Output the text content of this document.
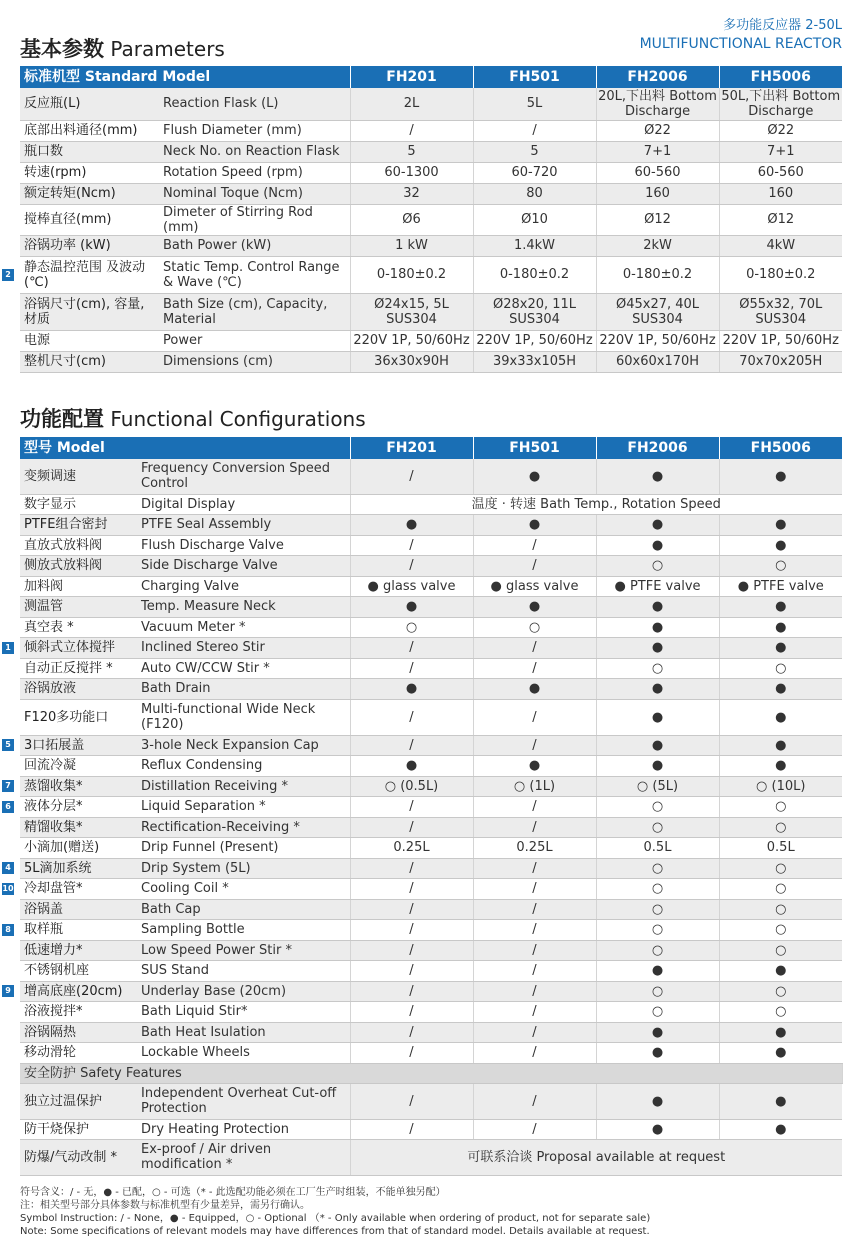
多功能反应器 2-50L
MULTIFUNCTIONAL REACTOR
基本参数 Parameters
标准机型 Standard Model		FH201	FH501	FH2006	FH5006
反应瓶(L)	Reaction Flask (L)	2L	5L	20L,下出料 Bottom Discharge	50L,下出料 Bottom Discharge
底部出料通径(mm)	Flush Diameter (mm)	/	/	Ø22	Ø22
瓶口数	Neck No. on Reaction Flask	5	5	7+1	7+1
转速(rpm)	Rotation Speed (rpm)	60-1300	60-720	60-560	60-560
额定转矩(Ncm)	Nominal Toque (Ncm)	32	80	160	160
搅棒直径(mm)	Dimeter of Stirring Rod (mm)	Ø6	Ø10	Ø12	Ø12
浴锅功率 (kW)	Bath Power (kW)	1 kW	1.4kW	2kW	4kW
静态温控范围 及波动(℃)	Static Temp. Control Range & Wave (℃)	0-180±0.2	0-180±0.2	0-180±0.2	0-180±0.2
浴锅尺寸(cm), 容量, 材质	Bath Size (cm), Capacity, Material	Ø24x15, 5L SUS304	Ø28x20, 11L SUS304	Ø45x27, 40L SUS304	Ø55x32, 70L SUS304
电源	Power	220V 1P, 50/60Hz	220V 1P, 50/60Hz	220V 1P, 50/60Hz	220V 1P, 50/60Hz
整机尺寸(cm)	Dimensions (cm)	36x30x90H	39x33x105H	60x60x170H	70x70x205H
功能配置 Functional Configurations
型号 Model		FH201	FH501	FH2006	FH5006
变频调速	Frequency Conversion Speed Control	/	●	●	●
数字显示	Digital Display	温度 · 转速 Bath Temp., Rotation Speed			
PTFE组合密封	PTFE Seal Assembly	●	●	●	●
直放式放料阀	Flush Discharge Valve	/	/	●	●
侧放式放料阀	Side Discharge Valve	/	/	○	○
加料阀	Charging Valve	● glass valve	● glass valve	● PTFE valve	● PTFE valve
测温管	Temp. Measure Neck	●	●	●	●
真空表 *	Vacuum Meter *	○	○	●	●
倾斜式立体搅拌	Inclined Stereo Stir	/	/	●	●
自动正反搅拌 *	Auto CW/CCW Stir *	/	/	○	○
浴锅放液	Bath Drain	●	●	●	●
F120多功能口	Multi-functional Wide Neck (F120)	/	/	●	●
3口拓展盖	3-hole Neck Expansion Cap	/	/	●	●
回流冷凝	Reflux Condensing	●	●	●	●
蒸馏收集*	Distillation Receiving *	○ (0.5L)	○ (1L)	○ (5L)	○ (10L)
液体分层*	Liquid Separation *	/	/	○	○
精馏收集*	Rectification-Receiving *	/	/	○	○
小滴加(赠送)	Drip Funnel (Present)	0.25L	0.25L	0.5L	0.5L
5L滴加系统	Drip System (5L)	/	/	○	○
冷却盘管*	Cooling Coil *	/	/	○	○
浴锅盖	Bath Cap	/	/	○	○
取样瓶	Sampling Bottle	/	/	○	○
低速增力*	Low Speed Power Stir *	/	/	○	○
不锈钢机座	SUS Stand	/	/	●	●
增高底座(20cm)	Underlay Base (20cm)	/	/	○	○
浴液搅拌*	Bath Liquid Stir*	/	/	○	○
浴锅隔热	Bath Heat Isulation	/	/	●	●
移动滑轮	Lockable Wheels	/	/	●	●
安全防护 Safety Features					
独立过温保护	Independent Overheat Cut-off Protection	/	/	●	●
防干烧保护	Dry Heating Protection	/	/	●	●
防爆/气动改制 *	Ex-proof / Air driven modification *	可联系洽谈 Proposal available at request			
符号含义：/ - 无，● - 已配，○ - 可选（* - 此选配功能必须在工厂生产时组装，不能单独另配）
注：相关型号部分具体参数与标准机型有少量差异，需另行确认。
Symbol Instruction: / - None，● - Equipped，○ - Optional （* - Only available when ordering of product, not for separate sale)
Note: Some specifications of relevant models may have differences from that of standard model. Details available at request.
2
1
5
7
6
4
10
8
9
